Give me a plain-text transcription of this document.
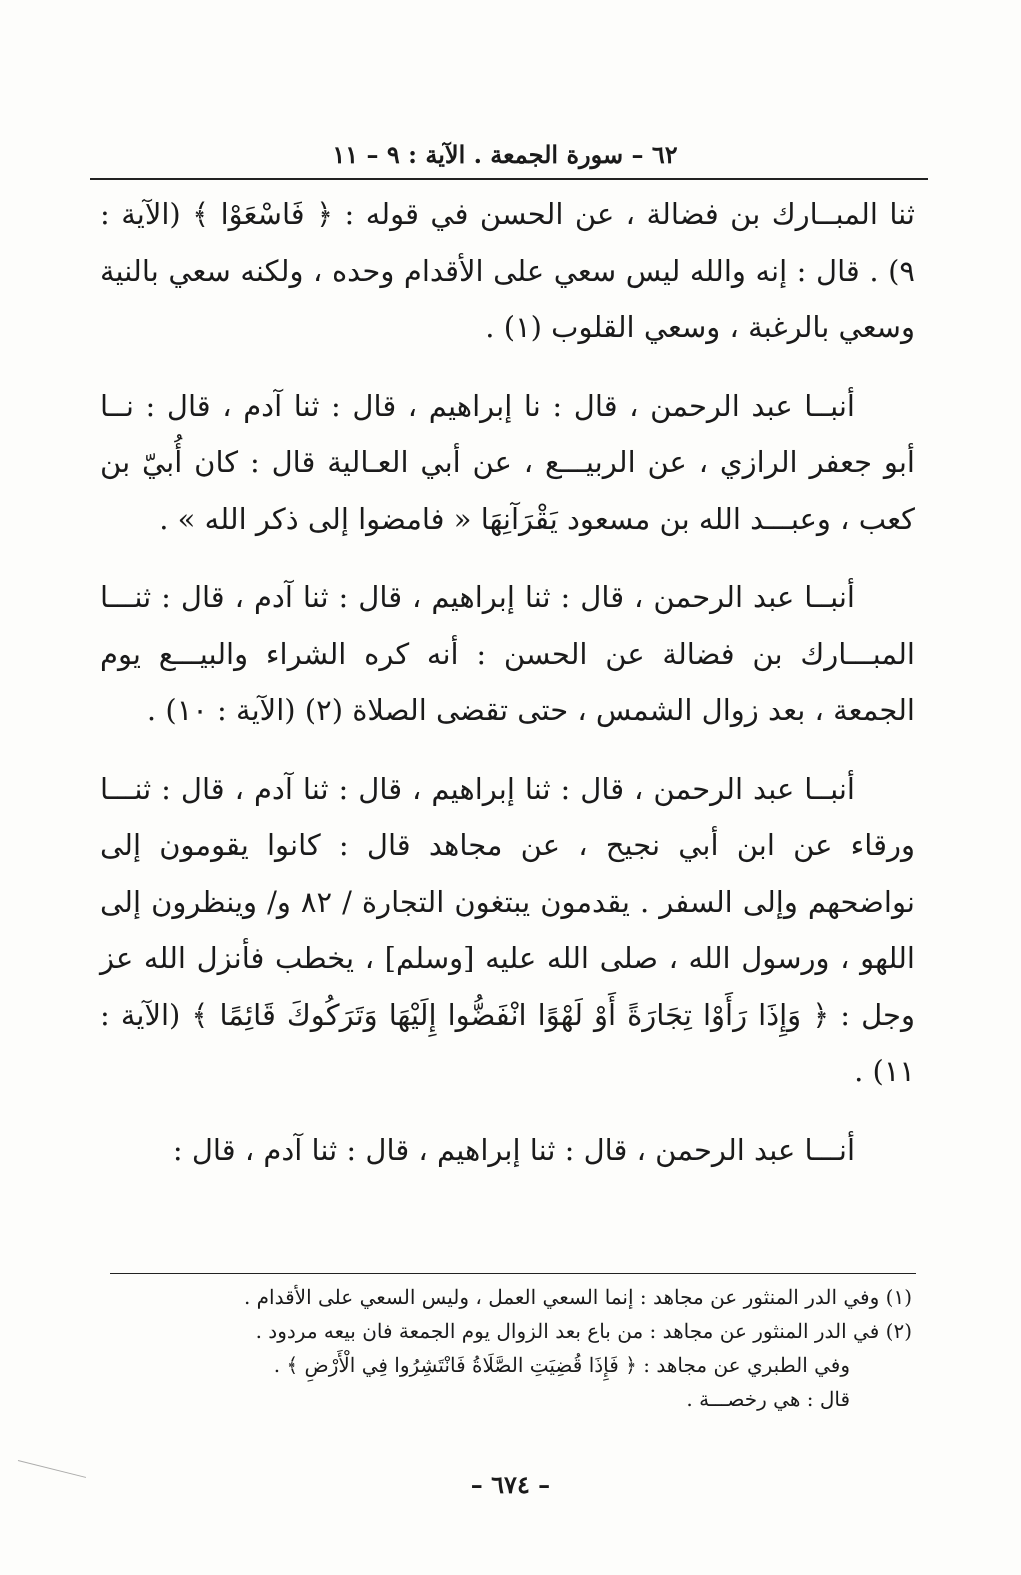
٦٢ – سورة الجمعة . الآية : ٩ – ١١

ثنا المبــارك بن فضالة ، عن الحسن في قوله : ﴿ فَاسْعَوْا ﴾ (الآية : ٩) . قال : إنه والله ليس سعي على الأقدام وحده ، ولكنه سعي بالنية وسعي بالرغبة ، وسعي القلوب (١) .

أنبــا عبد الرحمن ، قال : نا إبراهيم ، قال : ثنا آدم ، قال : نــا أبو جعفر الرازي ، عن الربيـــع ، عن أبي العـالية قال : كان أُبيّ بن كعب ، وعبـــد الله بن مسعود يَقْرَآنِهَا « فامضوا إلى ذكر الله » .

أنبــا عبد الرحمن ، قال : ثنا إبراهيم ، قال : ثنا آدم ، قال : ثنـــا المبـــارك بن فضالة عن الحسن : أنه كره الشراء والبيـــع يوم الجمعة ، بعد زوال الشمس ، حتى تقضى الصلاة (٢) (الآية : ١٠) .

أنبــا عبد الرحمن ، قال : ثنا إبراهيم ، قال : ثنا آدم ، قال : ثنـــا ورقاء عن ابن أبي نجيح ، عن مجاهد قال : كانوا يقومون إلى نواضحهم وإلى السفر . يقدمون يبتغون التجارة / ٨٢ و/ وينظرون إلى اللهو ، ورسول الله ، صلى الله عليه [وسلم] ، يخطب فأنزل الله عز وجل : ﴿ وَإِذَا رَأَوْا تِجَارَةً أَوْ لَهْوًا انْفَضُّوا إِلَيْهَا وَتَرَكُوكَ قَائِمًا ﴾ (الآية : ١١) .

أنـــا عبد الرحمن ، قال : ثنا إبراهيم ، قال : ثنا آدم ، قال :

(١) وفي الدر المنثور عن مجاهد : إنما السعي العمل ، وليس السعي على الأقدام .

(٢) في الدر المنثور عن مجاهد : من باع بعد الزوال يوم الجمعة فان بيعه مردود .

وفي الطبري عن مجاهد : ﴿ فَإِذَا قُضِيَتِ الصَّلَاةُ فَانْتَشِرُوا فِي الْأَرْضِ ﴾ .

قال : هي رخصـــة .

– ٦٧٤ –
